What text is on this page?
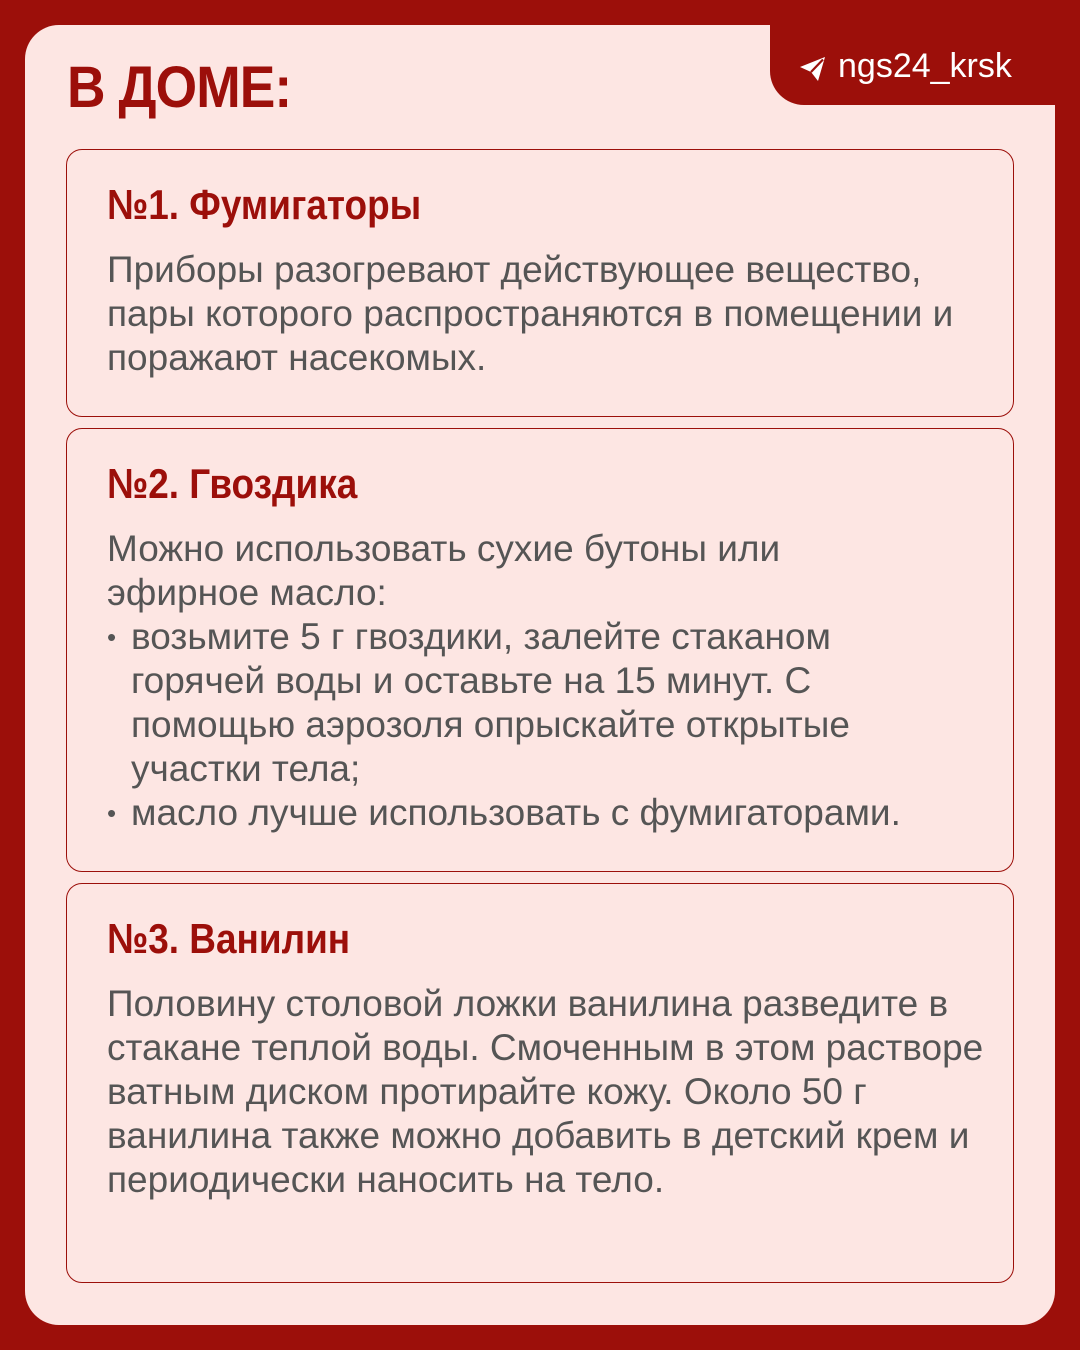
ngs24_krsk
В ДОМЕ:
№1. Фумигаторы

Приборы разогревают действующее вещество, пары которого распространяются в помещении и поражают насекомых.

№2. Гвоздика

Можно использовать сухие бутоны или эфирное масло:

• возьмите 5 г гвоздики, залейте стаканом горячей воды и оставьте на 15 минут. С помощью аэрозоля опрыскайте открытые участки тела;
• масло лучше использовать с фумигаторами.
№3. Ванилин

Половину столовой ложки ванилина разведите в стакане теплой воды. Смоченным в этом растворе ватным диском протирайте кожу. Около 50 г ванилина также можно добавить в детский крем и периодически наносить на тело.
